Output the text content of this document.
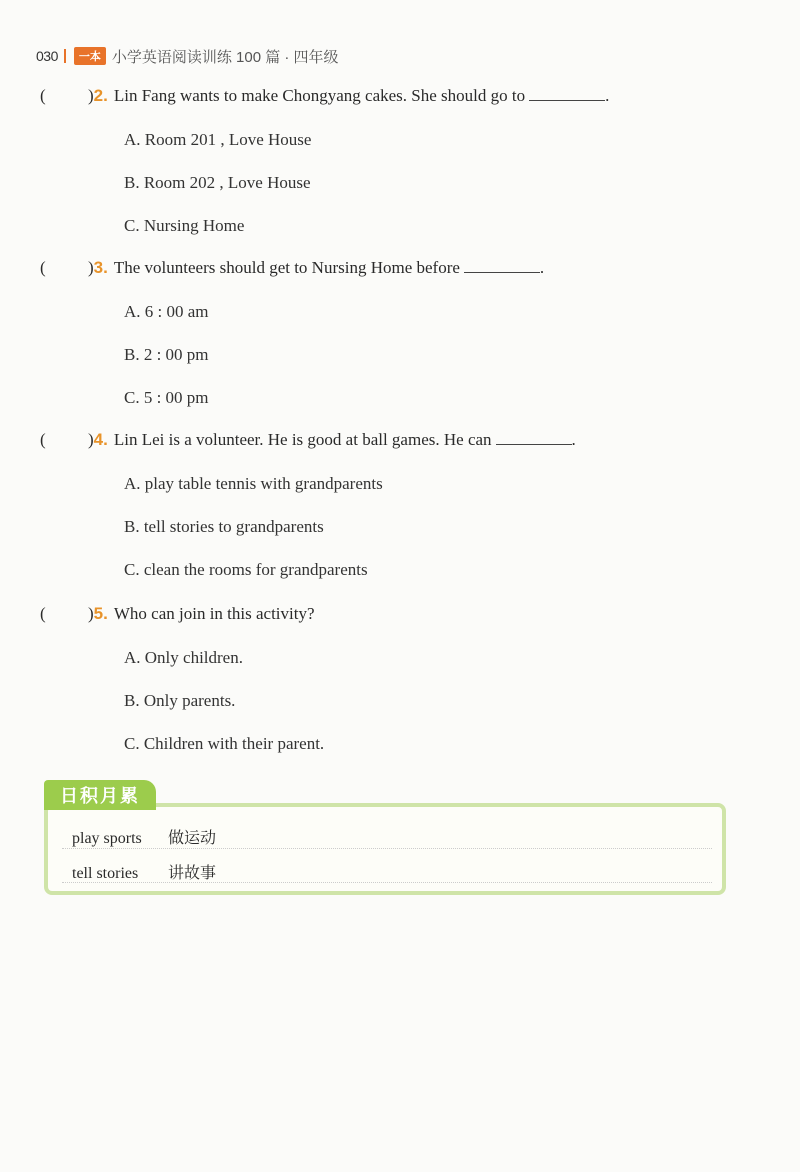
030	一本 小学英语阅读训练 100 篇 · 四年级
( )2. Lin Fang wants to make Chongyang cakes. She should go to	.
A. Room 201 , Love House
B. Room 202 , Love House
C. Nursing Home
( )3. The volunteers should get to Nursing Home before	.
A. 6 : 00 am
B. 2 : 00 pm
C. 5 : 00 pm
( )4. Lin Lei is a volunteer. He is good at ball games. He can	.
A. play table tennis with grandparents
B. tell stories to grandparents
C. clean the rooms for grandparents
( )5. Who can join in this activity?
A. Only children.
B. Only parents.
C. Children with their parent.
日积月累
play sports 做运动
tell stories 讲故事
